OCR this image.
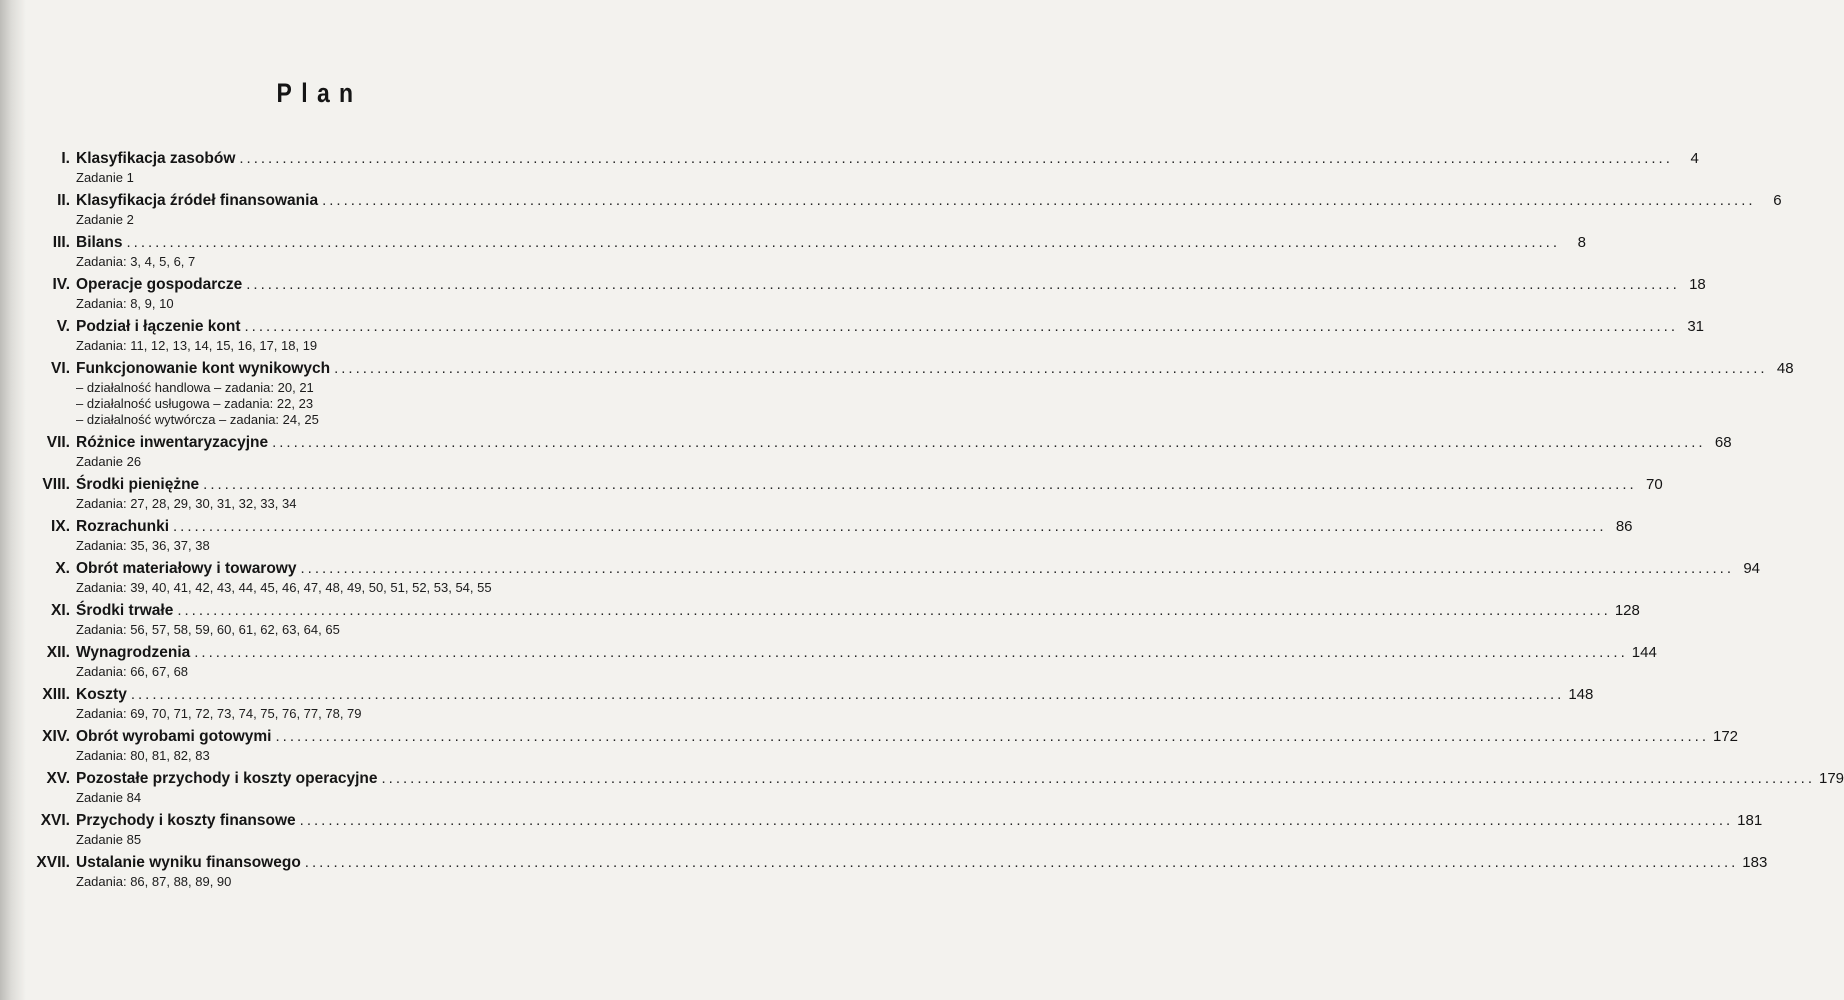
Plan
I. Klasyfikacja zasobów ........................................................................................................................................................................................................	4
Zadanie 1
II. Klasyfikacja źródeł finansowania ........................................................................................................................................................................................................	6
Zadanie 2
III. Bilans ........................................................................................................................................................................................................	8
Zadania: 3, 4, 5, 6, 7
IV. Operacje gospodarcze ........................................................................................................................................................................................................ 18
Zadania: 8, 9, 10
V. Podział i łączenie kont ........................................................................................................................................................................................................ 31
Zadania: 11, 12, 13, 14, 15, 16, 17, 18, 19
VI. Funkcjonowanie kont wynikowych ........................................................................................................................................................................................................ 48
– działalność handlowa – zadania: 20, 21
– działalność usługowa – zadania: 22, 23
– działalność wytwórcza – zadania: 24, 25
VII. Różnice inwentaryzacyjne ........................................................................................................................................................................................................ 68
Zadanie 26
VIII. Środki pieniężne ........................................................................................................................................................................................................ 70
Zadania: 27, 28, 29, 30, 31, 32, 33, 34
IX. Rozrachunki ........................................................................................................................................................................................................ 86
Zadania: 35, 36, 37, 38
X. Obrót materiałowy i towarowy ........................................................................................................................................................................................................ 94
Zadania: 39, 40, 41, 42, 43, 44, 45, 46, 47, 48, 49, 50, 51, 52, 53, 54, 55
XI. Środki trwałe ........................................................................................................................................................................................................ 128
Zadania: 56, 57, 58, 59, 60, 61, 62, 63, 64, 65
XII. Wynagrodzenia ........................................................................................................................................................................................................ 144
Zadania: 66, 67, 68
XIII. Koszty ........................................................................................................................................................................................................ 148
Zadania: 69, 70, 71, 72, 73, 74, 75, 76, 77, 78, 79
XIV. Obrót wyrobami gotowymi ........................................................................................................................................................................................................ 172
Zadania: 80, 81, 82, 83
XV. Pozostałe przychody i koszty operacyjne ........................................................................................................................................................................................................ 179
Zadanie 84
XVI. Przychody i koszty finansowe ........................................................................................................................................................................................................ 181
Zadanie 85
XVII. Ustalanie wyniku finansowego ........................................................................................................................................................................................................ 183
Zadania: 86, 87, 88, 89, 90
